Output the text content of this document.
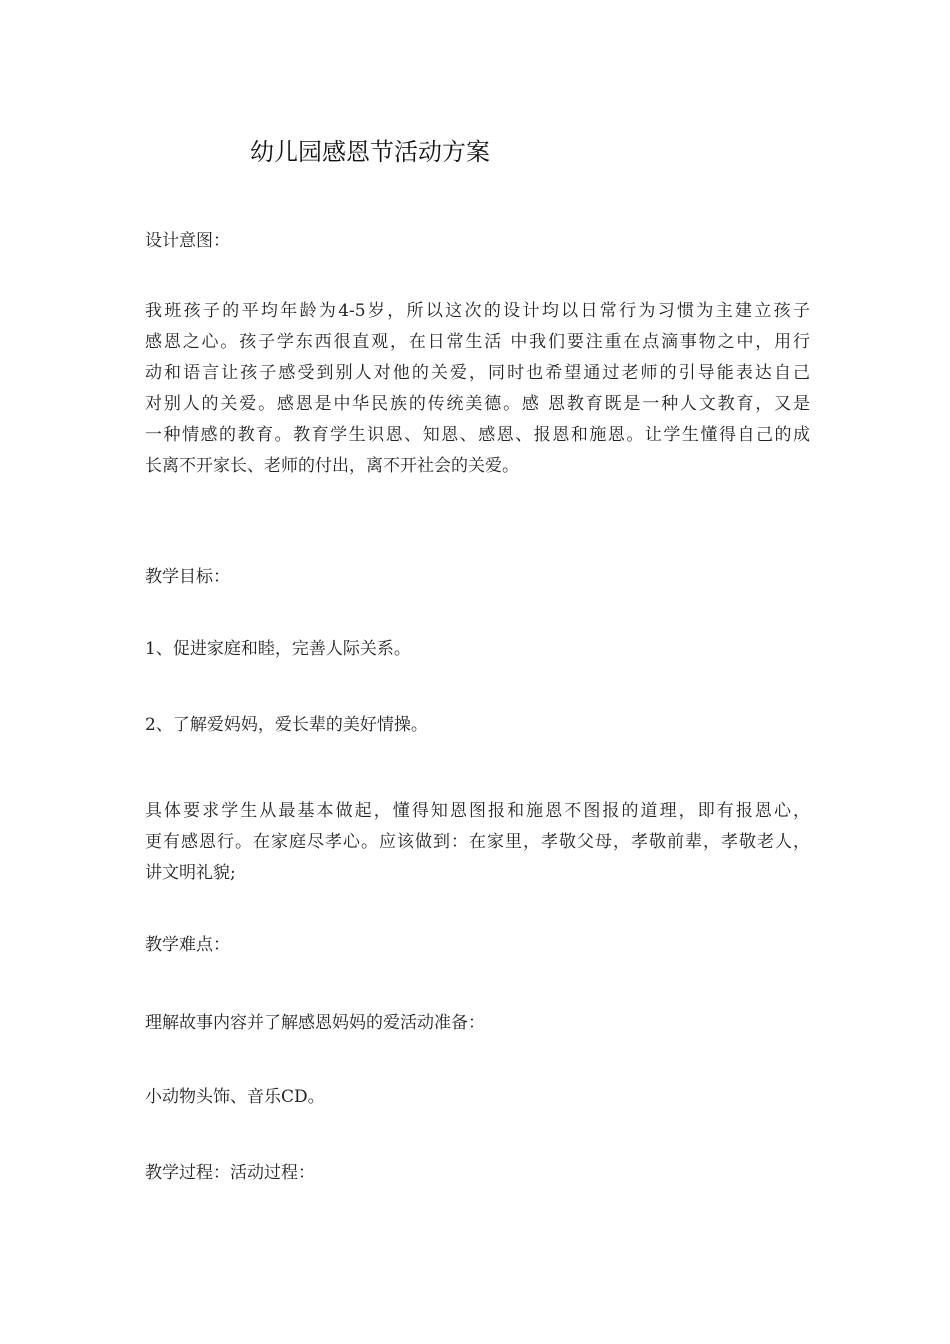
幼儿园感恩节活动方案
设计意图：
我班孩子的平均年龄为4-5岁，所以这次的设计均以日常行为习惯为主建立孩子
感恩之心。孩子学东西很直观，在日常生活 中我们要注重在点滴事物之中，用行
动和语言让孩子感受到别人对他的关爱，同时也希望通过老师的引导能表达自己
对别人的关爱。感恩是中华民族的传统美德。感 恩教育既是一种人文教育，又是
一种情感的教育。教育学生识恩、知恩、感恩、报恩和施恩。让学生懂得自己的成
长离不开家长、老师的付出，离不开社会的关爱。
教学目标：
1、促进家庭和睦，完善人际关系。
2、了解爱妈妈，爱长辈的美好情操。
具体要求学生从最基本做起，懂得知恩图报和施恩不图报的道理，即有报恩心，
更有感恩行。在家庭尽孝心。应该做到：在家里，孝敬父母，孝敬前辈，孝敬老人，
讲文明礼貌;
教学难点：
理解故事内容并了解感恩妈妈的爱活动准备：
小动物头饰、音乐CD。
教学过程：活动过程：
